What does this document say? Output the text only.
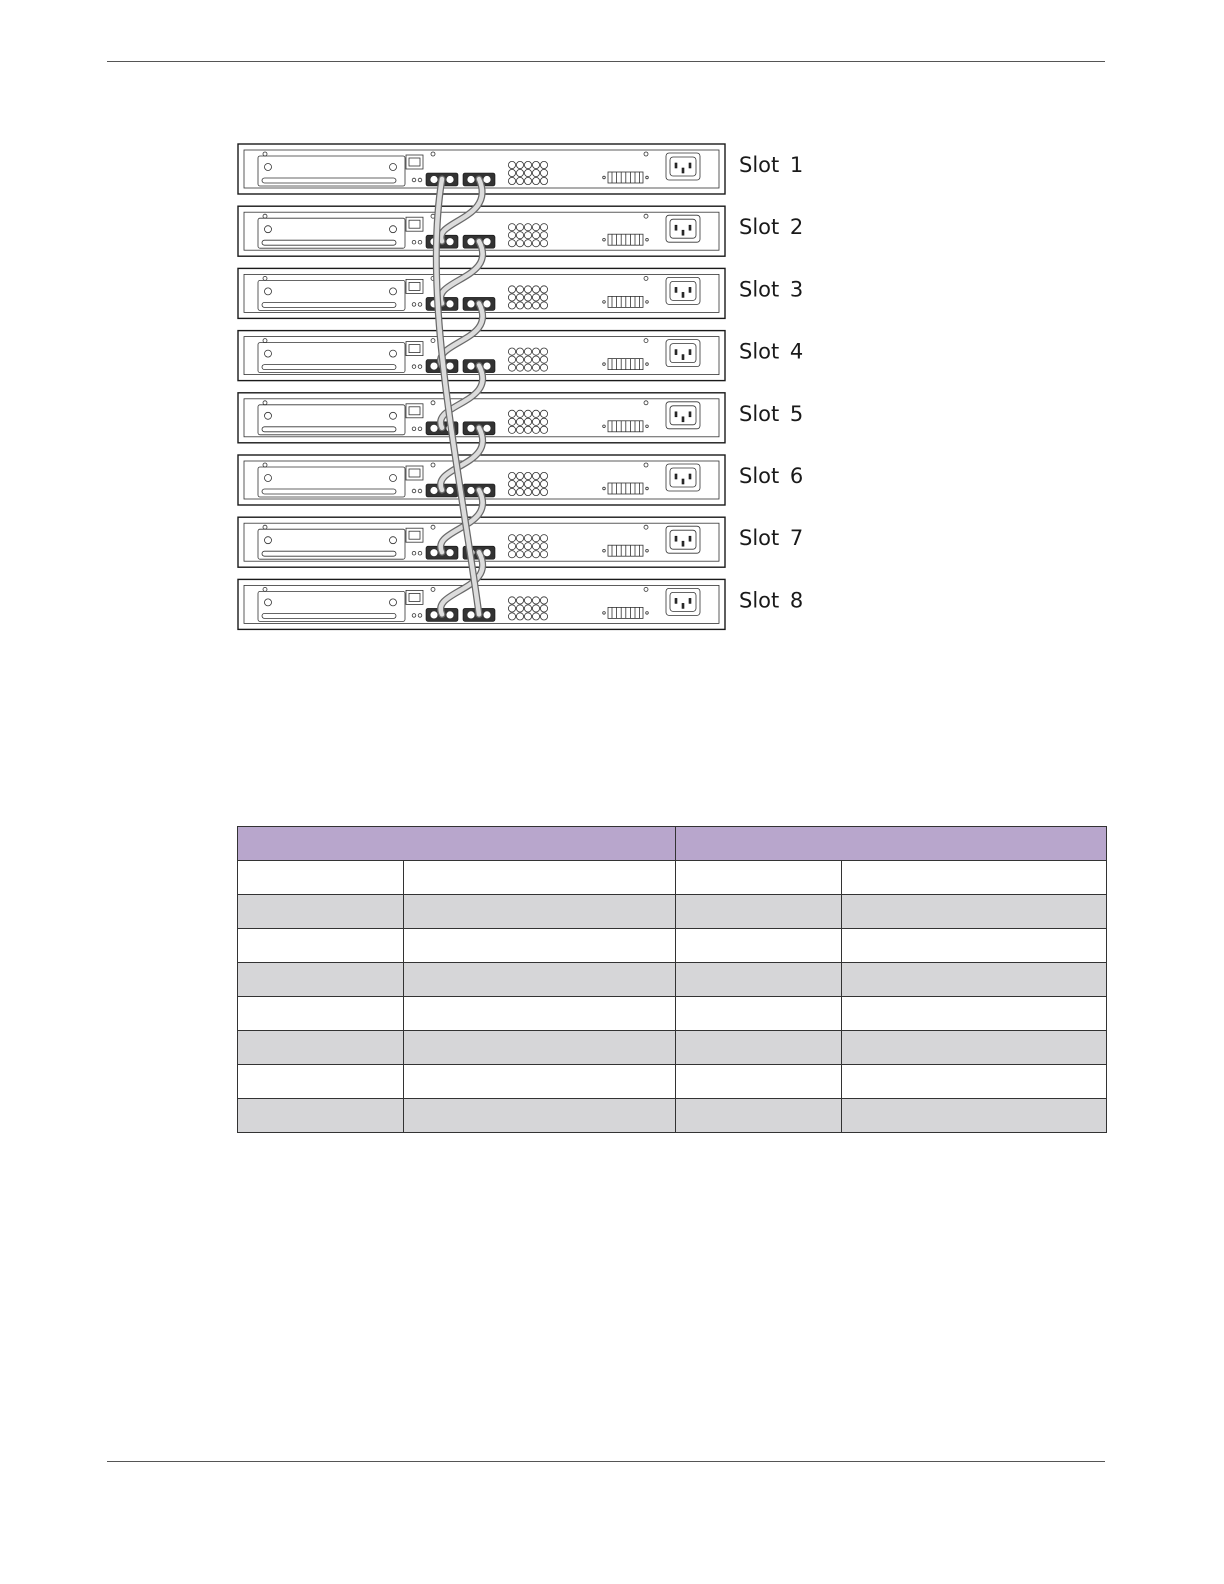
Slot 1
Slot 2
Slot 3
Slot 4
Slot 5
Slot 6
Slot 7
Slot 8
